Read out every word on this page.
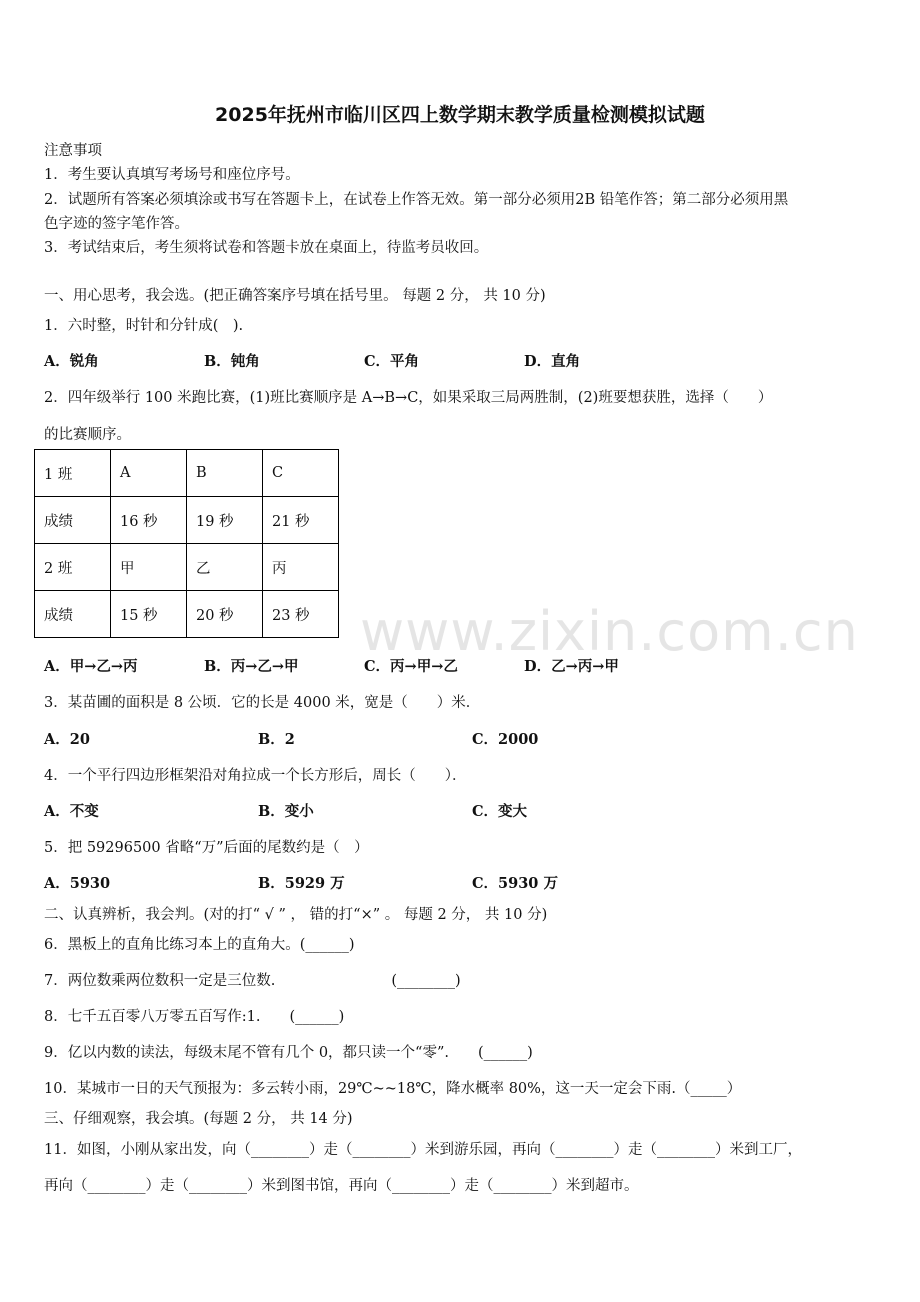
2025年抚州市临川区四上数学期末教学质量检测模拟试题
注意事项
1．考生要认真填写考场号和座位序号。
2．试题所有答案必须填涂或书写在答题卡上，在试卷上作答无效。第一部分必须用2B 铅笔作答；第二部分必须用黑
色字迹的签字笔作答。
3．考试结束后，考生须将试卷和答题卡放在桌面上，待监考员收回。
一、用心思考，我会选。(把正确答案序号填在括号里。 每题 2 分， 共 10 分)
1．六时整，时针和分针成(　).
A．锐角	B．钝角	C．平角	D．直角
2．四年级举行 100 米跑比赛，(1)班比赛顺序是 A→B→C，如果采取三局两胜制，(2)班要想获胜，选择（　　）
的比赛顺序。
1 班	A	B	C
成绩	16 秒	19 秒	21 秒
2 班	甲	乙	丙
成绩	15 秒	20 秒	23 秒 www.zixin.com.cn
A．甲→乙→丙	B．丙→乙→甲	C．丙→甲→乙	D．乙→丙→甲
3．某苗圃的面积是 8 公顷．它的长是 4000 米，宽是（　　）米．
A．20	B．2	C．2000
4．一个平行四边形框架沿对角拉成一个长方形后，周长（　　）．
A．不变	B．变小	C．变大
5．把 59296500 省略“万”后面的尾数约是（　）
A．5930	B．5929 万	C．5930 万
二、认真辨析，我会判。(对的打“ √ ” ， 错的打“×” 。 每题 2 分， 共 10 分)
6．黑板上的直角比练习本上的直角大。(______)
7．两位数乘两位数积一定是三位数.　　　　　　　　(________)
8．七千五百零八万零五百写作:1.　　(______)
9．亿以内数的读法，每级末尾不管有几个 0，都只读一个“零”.　　(______)
10．某城市一日的天气预报为：多云转小雨，29℃~~18℃，降水概率 80%，这一天一定会下雨.（_____）
三、仔细观察，我会填。(每题 2 分， 共 14 分)
11．如图，小刚从家出发，向（________）走（________）米到游乐园，再向（________）走（________）米到工厂，
再向（________）走（________）米到图书馆，再向（________）走（________）米到超市。
